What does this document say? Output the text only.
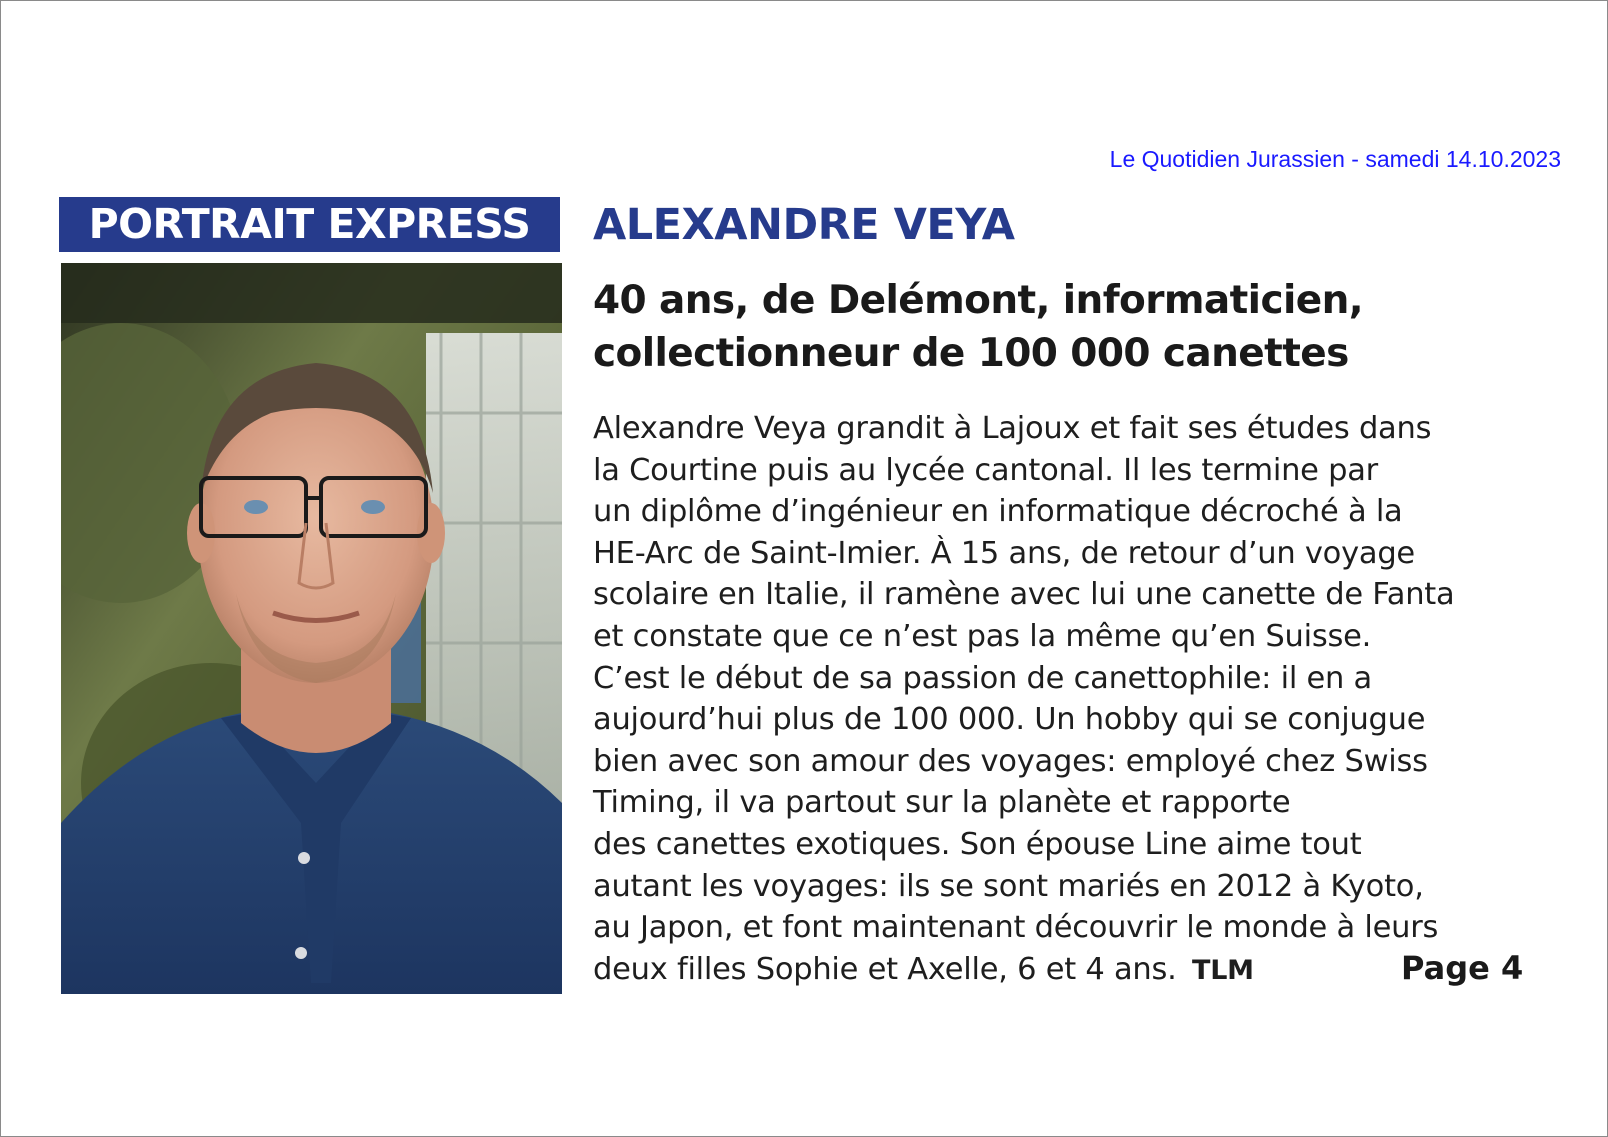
Le Quotidien Jurassien - samedi 14.10.2023
PORTRAIT EXPRESS	ALEXANDRE VEYA
40 ans, de Delémont, informaticien,
collectionneur de 100 000 canettes
Alexandre Veya grandit à Lajoux et fait ses études dans
la Courtine puis au lycée cantonal. Il les termine par
un diplôme d’ingénieur en informatique décroché à la
HE-Arc de Saint-Imier. À 15 ans, de retour d’un voyage
scolaire en Italie, il ramène avec lui une canette de Fanta
et constate que ce n’est pas la même qu’en Suisse.
C’est le début de sa passion de canettophile: il en a
aujourd’hui plus de 100 000. Un hobby qui se conjugue
bien avec son amour des voyages: employé chez Swiss
Timing, il va partout sur la planète et rapporte
des canettes exotiques. Son épouse Line aime tout
autant les voyages: ils se sont mariés en 2012 à Kyoto,
au Japon, et font maintenant découvrir le monde à leurs
deux filles Sophie et Axelle, 6 et 4 ans. TLM	Page 4
